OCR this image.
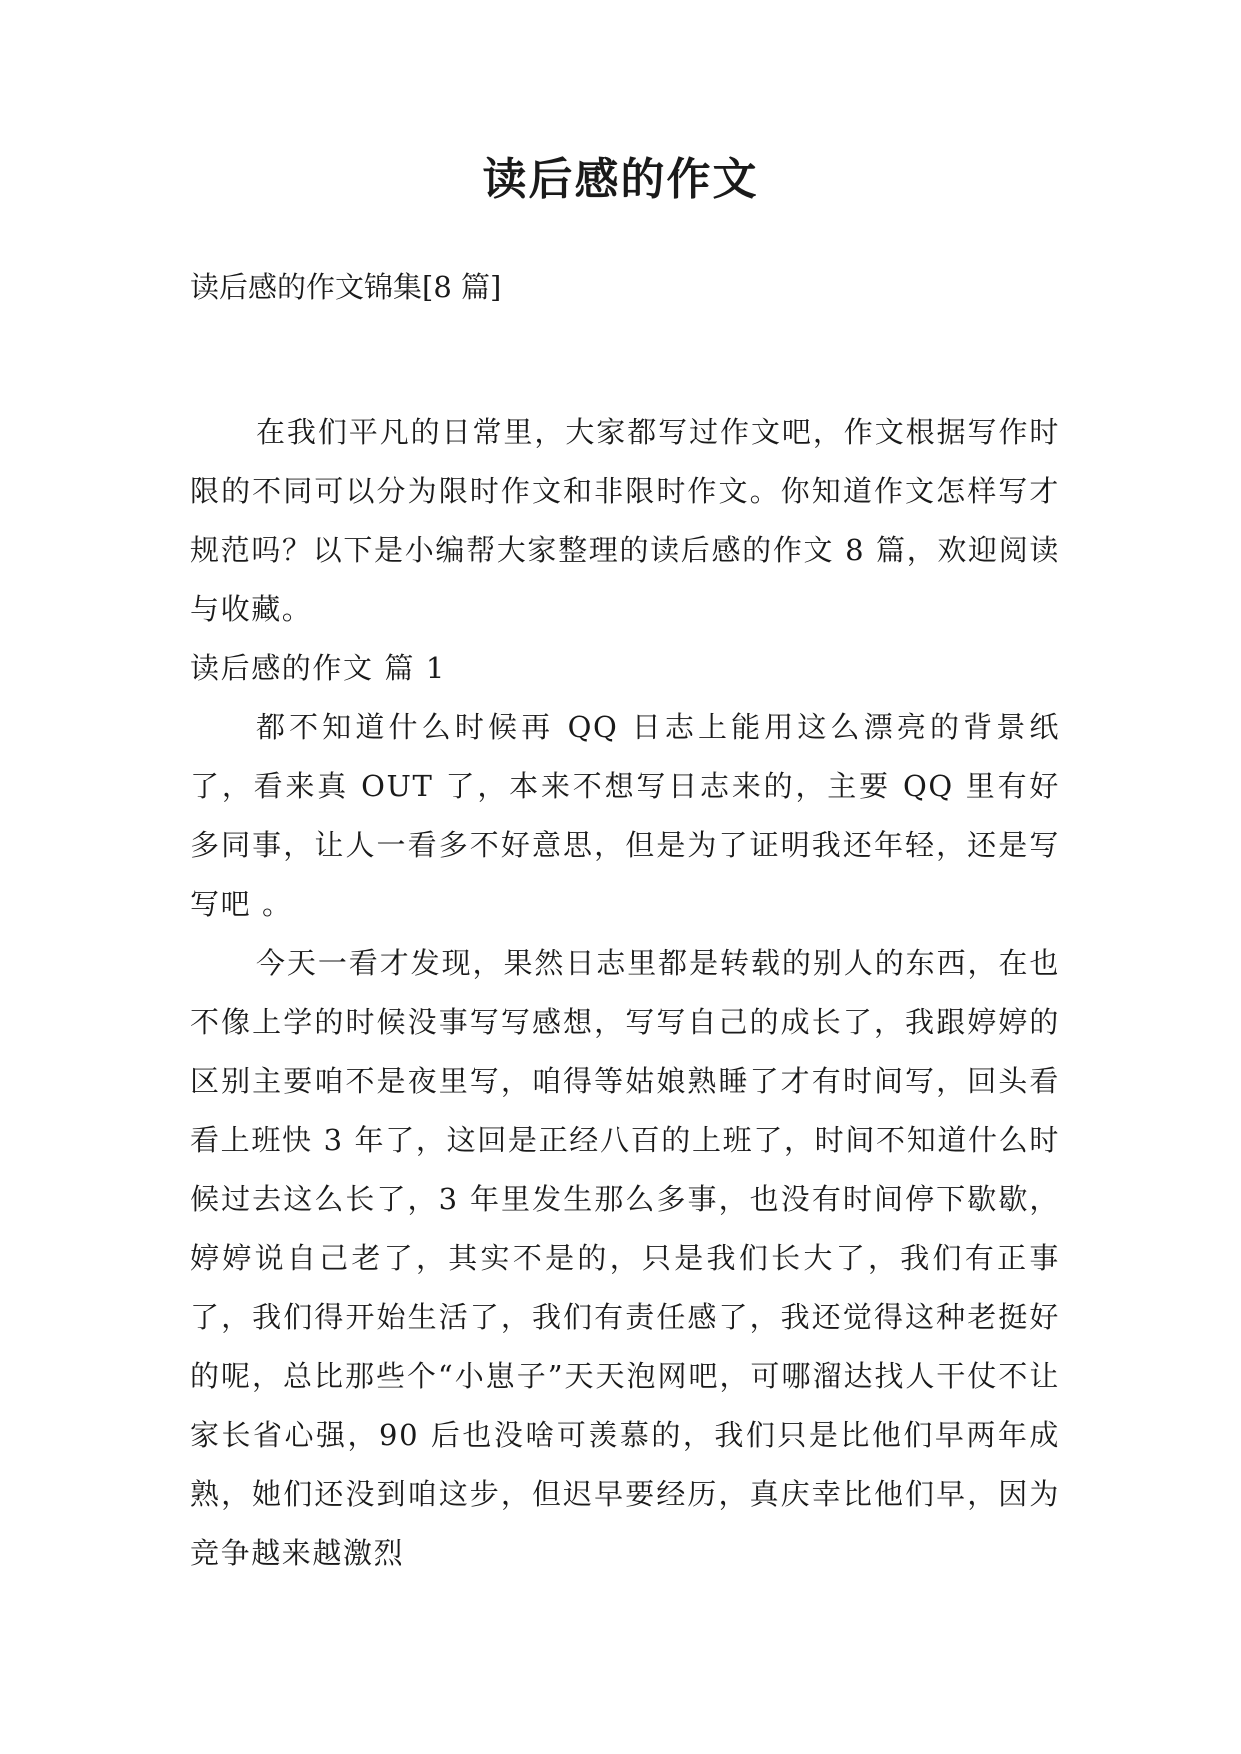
读后感的作文

读后感的作文锦集[8 篇]

在我们平凡的日常里，大家都写过作文吧，作文根据写作时限的不同可以分为限时作文和非限时作文。你知道作文怎样写才规范吗？以下是小编帮大家整理的读后感的作文 8 篇，欢迎阅读与收藏。

读后感的作文 篇 1

都不知道什么时候再 QQ 日志上能用这么漂亮的背景纸了，看来真 OUT 了，本来不想写日志来的，主要 QQ 里有好多同事，让人一看多不好意思，但是为了证明我还年轻，还是写写吧 。

今天一看才发现，果然日志里都是转载的别人的东西，在也不像上学的时候没事写写感想，写写自己的成长了，我跟婷婷的区别主要咱不是夜里写，咱得等姑娘熟睡了才有时间写，回头看看上班快 3 年了，这回是正经八百的上班了，时间不知道什么时候过去这么长了，3 年里发生那么多事，也没有时间停下歇歇，婷婷说自己老了，其实不是的，只是我们长大了，我们有正事了，我们得开始生活了，我们有责任感了，我还觉得这种老挺好的呢，总比那些个“小崽子”天天泡网吧，可哪溜达找人干仗不让家长省心强，90 后也没啥可羡慕的，我们只是比他们早两年成熟，她们还没到咱这步，但迟早要经历，真庆幸比他们早，因为竞争越来越激烈
